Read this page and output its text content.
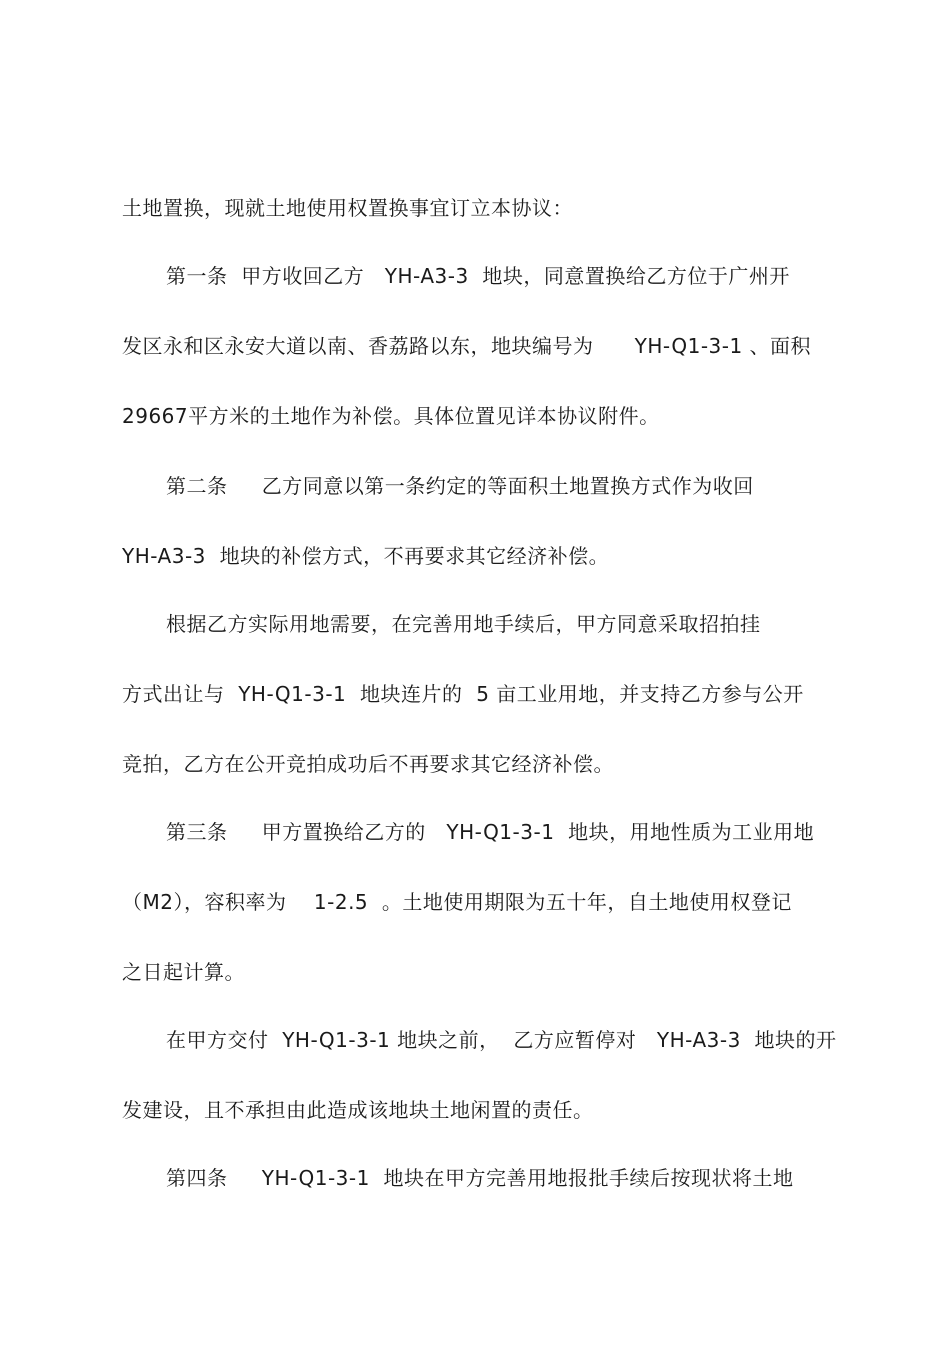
土地置换，现就土地使用权置换事宜订立本协议：
第一条  甲方收回乙方   YH-A3-3  地块，同意置换给乙方位于广州开
发区永和区永安大道以南、香荔路以东，地块编号为      YH-Q1-3-1 、面积
29667平方米的土地作为补偿。具体位置见详本协议附件。
第二条     乙方同意以第一条约定的等面积土地置换方式作为收回
YH-A3-3  地块的补偿方式，不再要求其它经济补偿。
根据乙方实际用地需要，在完善用地手续后，甲方同意采取招拍挂
方式出让与  YH-Q1-3-1  地块连片的  5 亩工业用地，并支持乙方参与公开
竞拍，乙方在公开竞拍成功后不再要求其它经济补偿。
第三条     甲方置换给乙方的   YH-Q1-3-1  地块，用地性质为工业用地
（M2），容积率为    1-2.5  。土地使用期限为五十年，自土地使用权登记
之日起计算。
在甲方交付  YH-Q1-3-1 地块之前，  乙方应暂停对   YH-A3-3  地块的开
发建设，且不承担由此造成该地块土地闲置的责任。
第四条     YH-Q1-3-1  地块在甲方完善用地报批手续后按现状将土地
